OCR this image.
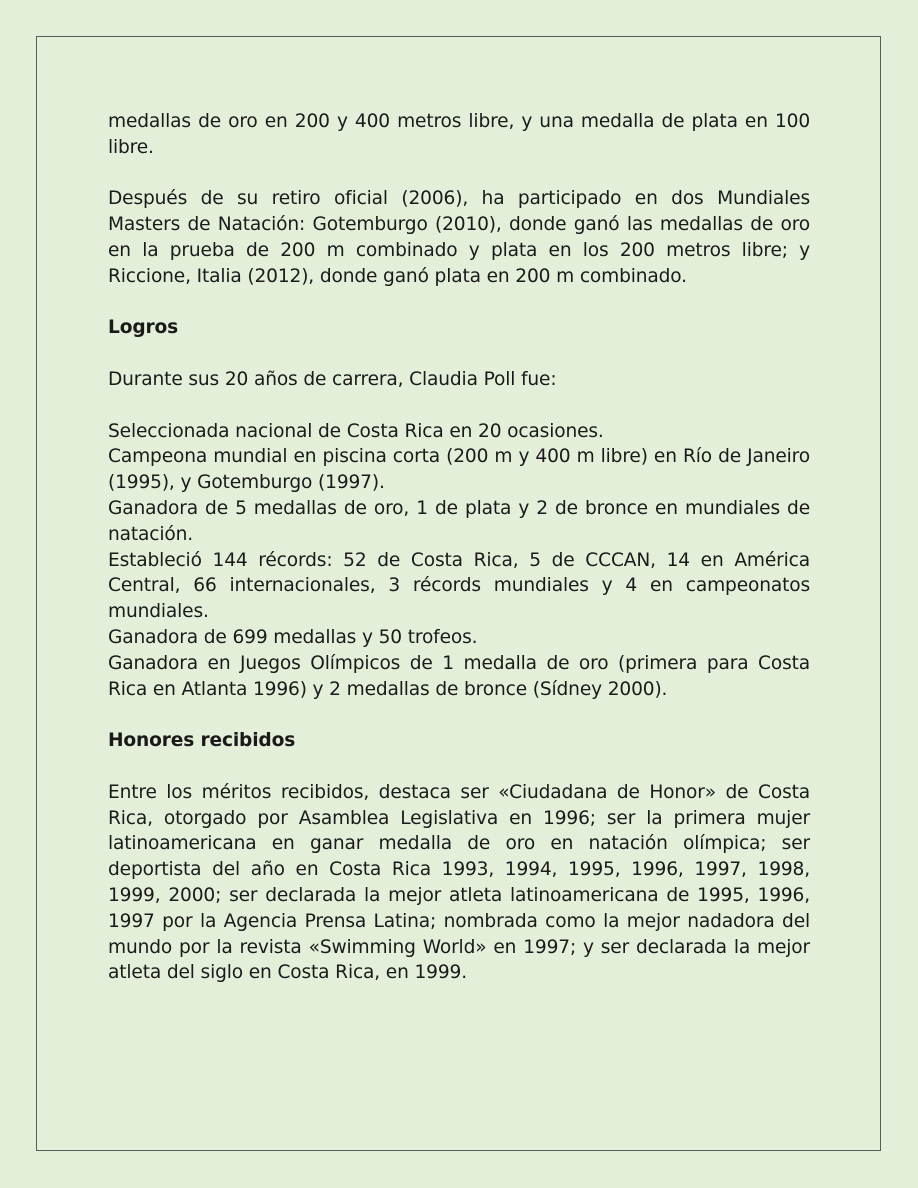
medallas de oro en 200 y 400 metros libre, y una medalla de plata en 100 libre.

Después de su retiro oficial (2006), ha participado en dos Mundiales Masters de Natación: Gotemburgo (2010), donde ganó las medallas de oro en la prueba de 200 m combinado y plata en los 200 metros libre; y Riccione, Italia (2012), donde ganó plata en 200 m combinado.

Logros

Durante sus 20 años de carrera, Claudia Poll fue:

Seleccionada nacional de Costa Rica en 20 ocasiones.

Campeona mundial en piscina corta (200 m y 400 m libre) en Río de Janeiro (1995), y Gotemburgo (1997).

Ganadora de 5 medallas de oro, 1 de plata y 2 de bronce en mundiales de natación.

Estableció 144 récords: 52 de Costa Rica, 5 de CCCAN, 14 en América Central, 66 internacionales, 3 récords mundiales y 4 en campeonatos mundiales.

Ganadora de 699 medallas y 50 trofeos.

Ganadora en Juegos Olímpicos de 1 medalla de oro (primera para Costa Rica en Atlanta 1996) y 2 medallas de bronce (Sídney 2000).

Honores recibidos

Entre los méritos recibidos, destaca ser «Ciudadana de Honor» de Costa Rica, otorgado por Asamblea Legislativa en 1996; ser la primera mujer latinoamericana en ganar medalla de oro en natación olímpica; ser deportista del año en Costa Rica 1993, 1994, 1995, 1996, 1997, 1998, 1999, 2000; ser declarada la mejor atleta latinoamericana de 1995, 1996, 1997 por la Agencia Prensa Latina; nombrada como la mejor nadadora del mundo por la revista «Swimming World» en 1997; y ser declarada la mejor atleta del siglo en Costa Rica, en 1999.
